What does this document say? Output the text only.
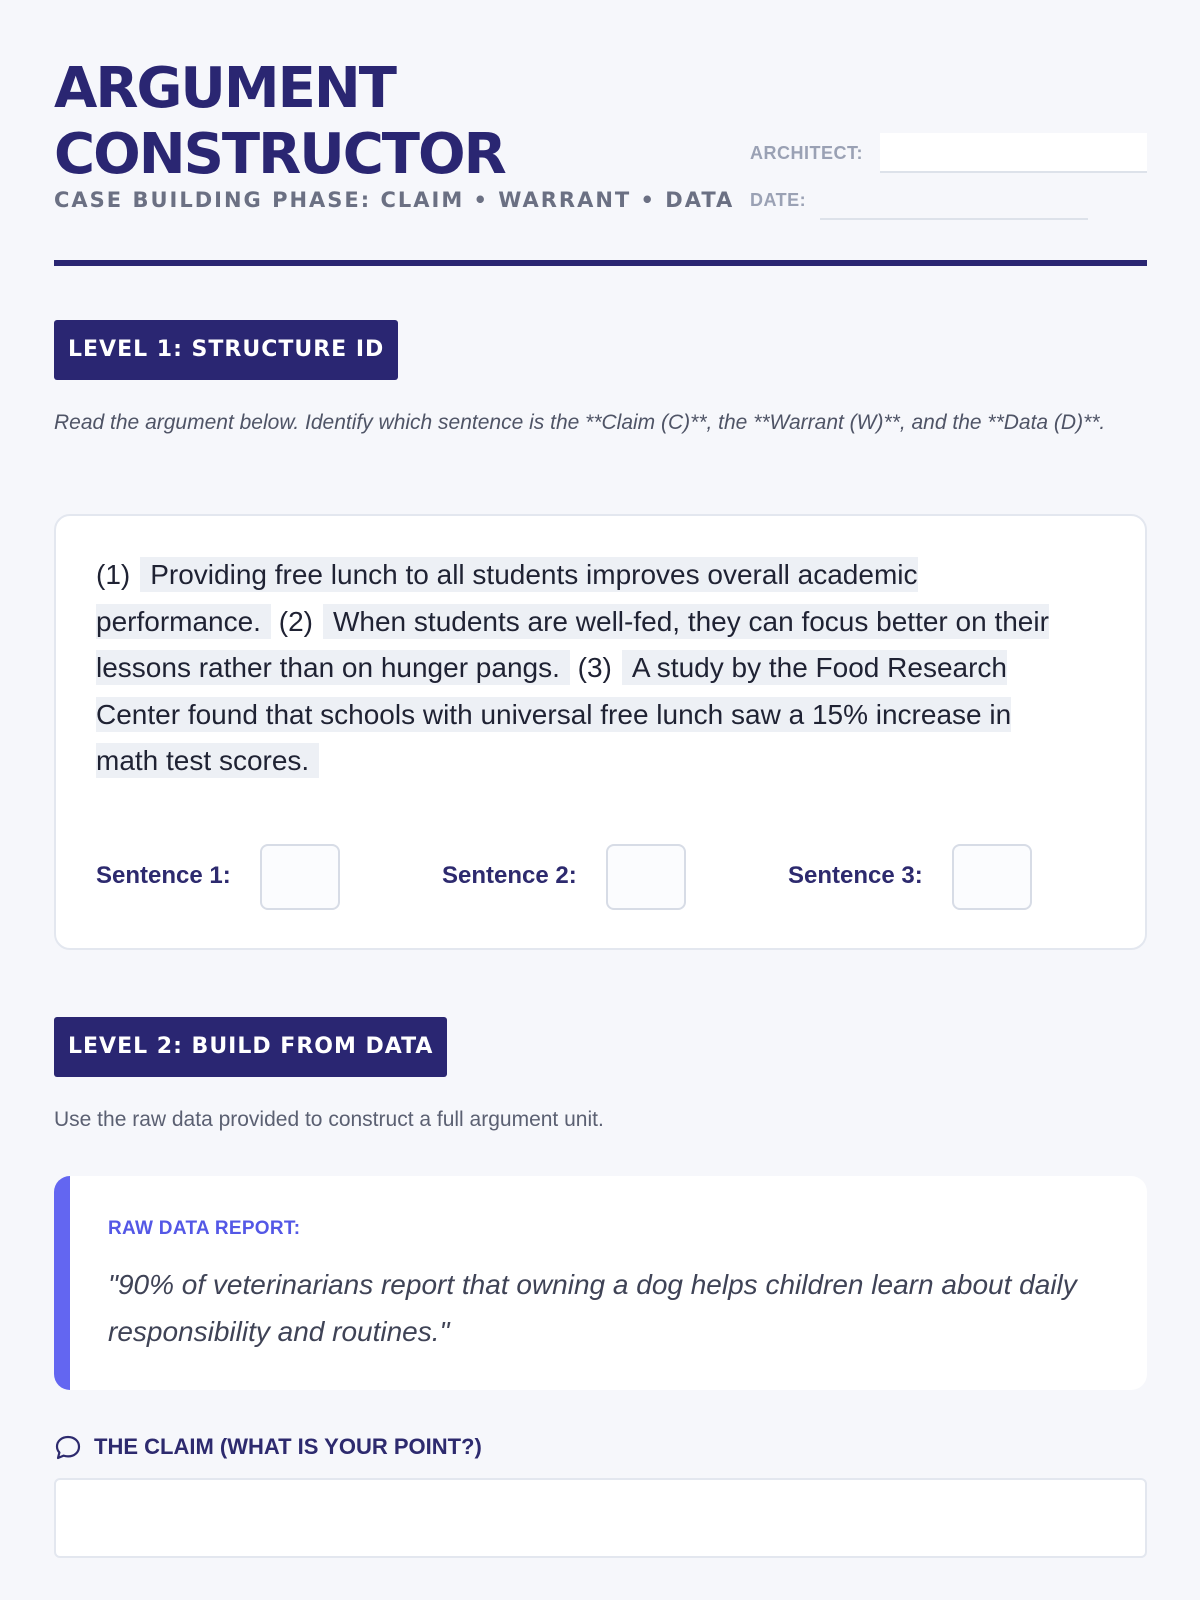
ARGUMENT
CONSTRUCTOR
CASE BUILDING PHASE: CLAIM • WARRANT • DATA
ARCHITECT:
DATE:
LEVEL 1: STRUCTURE ID
Read the argument below. Identify which sentence is the **Claim (C)**, the **Warrant (W)**, and the **Data (D)**.
(1) Providing free lunch to all students improves overall academic performance. (2) When students are well-fed, they can focus better on their lessons rather than on hunger pangs. (3) A study by the Food Research Center found that schools with universal free lunch saw a 15% increase in math test scores.
Sentence 1:	Sentence 2:	Sentence 3:
LEVEL 2: BUILD FROM DATA
Use the raw data provided to construct a full argument unit.
RAW DATA REPORT:
"90% of veterinarians report that owning a dog helps children learn about daily responsibility and routines."
THE CLAIM (WHAT IS YOUR POINT?)
